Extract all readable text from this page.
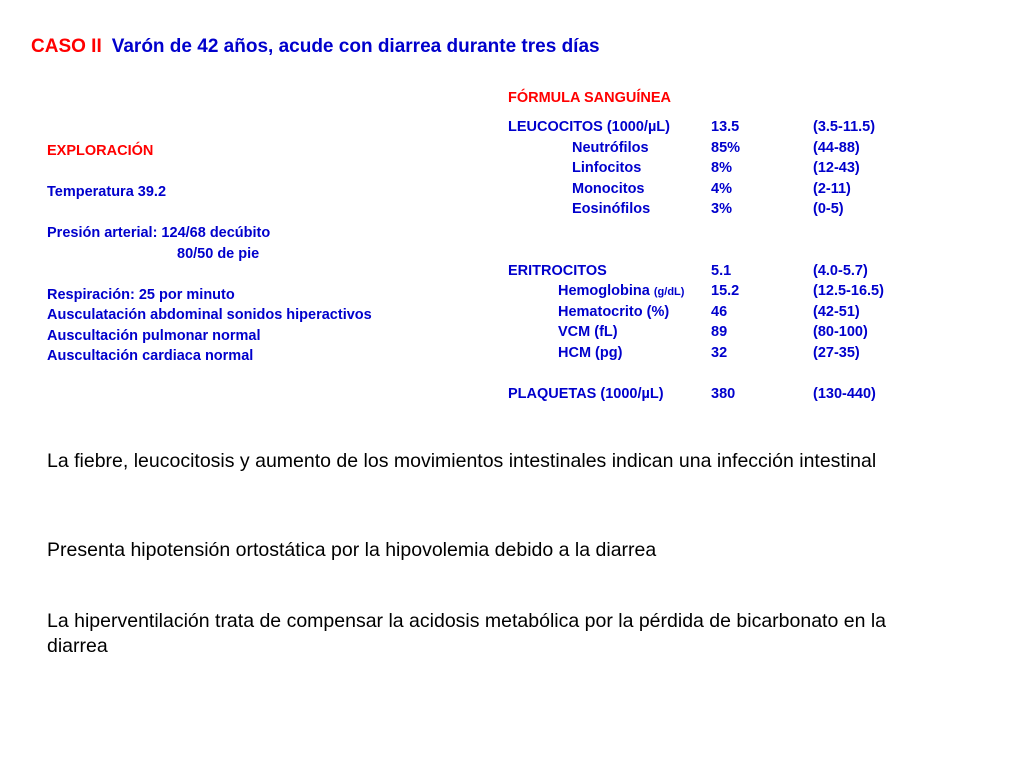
CASO II Varón de 42 años, acude con diarrea durante tres días
EXPLORACIÓN
Temperatura 39.2
Presión arterial: 124/68 decúbito
80/50 de pie
Respiración: 25 por minuto
Ausculatación abdominal sonidos hiperactivos
Auscultación pulmonar normal
Auscultación cardiaca normal
FÓRMULA SANGUÍNEA
LEUCOCITOS (1000/µL)	13.5	(3.5-11.5)
Neutrófilos	85%	(44-88)
Linfocitos	8%	(12-43)
Monocitos	4%	(2-11)
Eosinófilos	3%	(0-5)
ERITROCITOS	5.1	(4.0-5.7)
Hemoglobina (g/dL) 15.2	(12.5-16.5)
Hematocrito (%)	46	(42-51)
VCM (fL)	89	(80-100)
HCM (pg)	32	(27-35)
PLAQUETAS (1000/µL)	380	(130-440)
La fiebre, leucocitosis y aumento de los movimientos intestinales indican una infección intestinal
Presenta hipotensión ortostática por la hipovolemia debido a la diarrea
La hiperventilación trata de compensar la acidosis metabólica por la pérdida de bicarbonato en la diarrea
